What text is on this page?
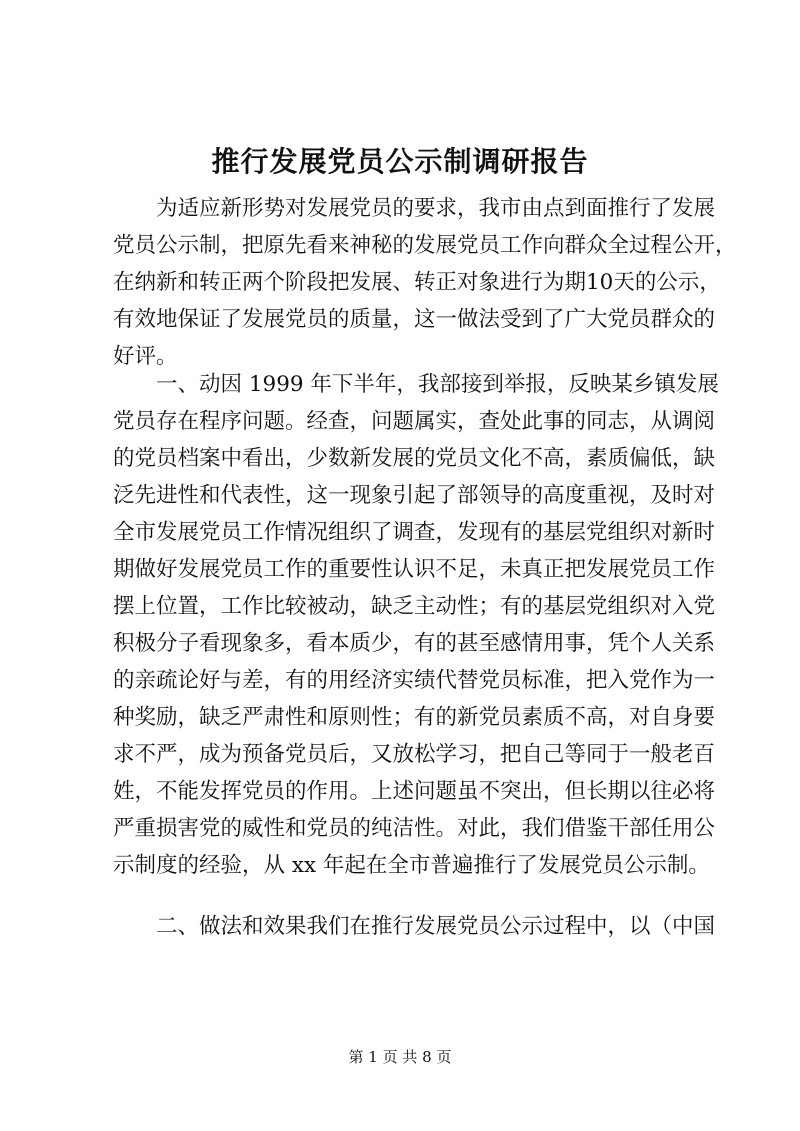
推行发展党员公示制调研报告
为适应新形势对发展党员的要求，我市由点到面推行了发展
党员公示制，把原先看来神秘的发展党员工作向群众全过程公开，
在纳新和转正两个阶段把发展、转正对象进行为期10天的公示，
有效地保证了发展党员的质量，这一做法受到了广大党员群众的
好评。
一、动因 1999 年下半年，我部接到举报，反映某乡镇发展
党员存在程序问题。经查，问题属实，查处此事的同志，从调阅
的党员档案中看出，少数新发展的党员文化不高，素质偏低，缺
泛先进性和代表性，这一现象引起了部领导的高度重视，及时对
全市发展党员工作情况组织了调查，发现有的基层党组织对新时
期做好发展党员工作的重要性认识不足，未真正把发展党员工作
摆上位置，工作比较被动，缺乏主动性；有的基层党组织对入党
积极分子看现象多，看本质少，有的甚至感情用事，凭个人关系
的亲疏论好与差，有的用经济实绩代替党员标准，把入党作为一
种奖励，缺乏严肃性和原则性；有的新党员素质不高，对自身要
求不严，成为预备党员后，又放松学习，把自己等同于一般老百
姓，不能发挥党员的作用。上述问题虽不突出，但长期以往必将
严重损害党的威性和党员的纯洁性。对此，我们借鉴干部任用公
示制度的经验，从 xx 年起在全市普遍推行了发展党员公示制。
二、做法和效果我们在推行发展党员公示过程中，以（中国
第 1 页 共 8 页
